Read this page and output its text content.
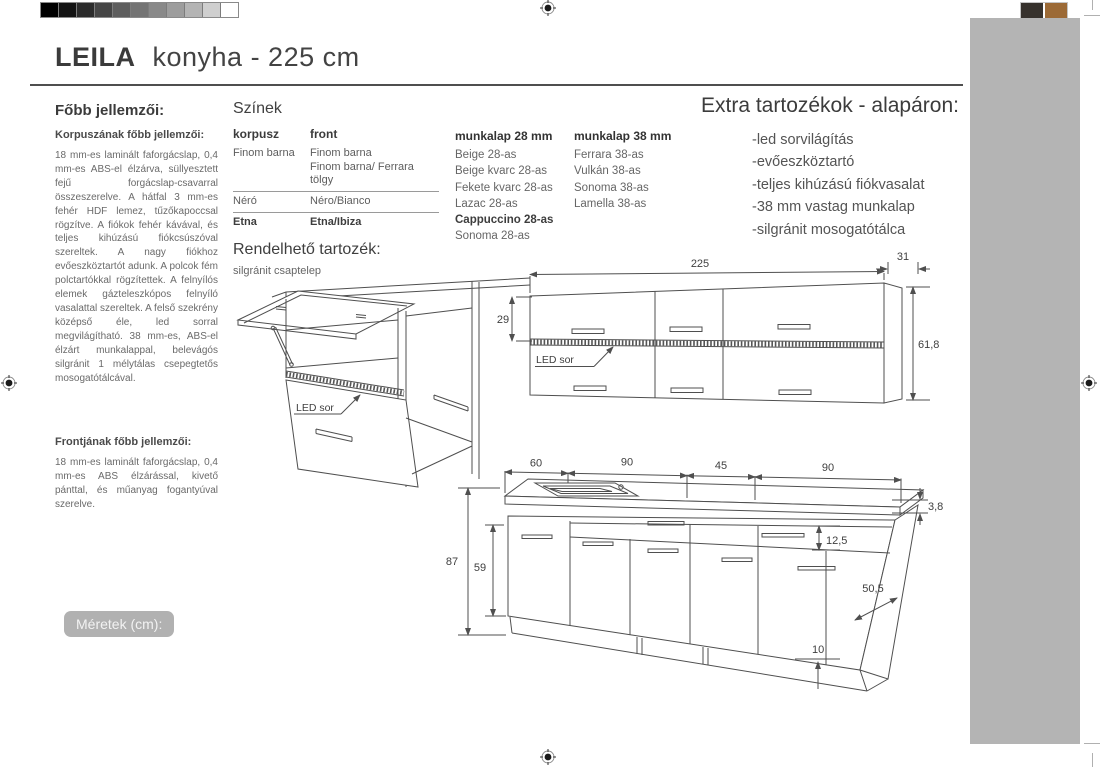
LEILA konyha - 225 cm
Főbb jellemzői:
Korpuszának főbb jellemzői:
18 mm-es laminált faforgácslap, 0,4 mm-es ABS-el élzárva, süllyesztett fejű forgácslap-csavarral összeszerelve. A hátfal 3 mm-es fehér HDF lemez, tűzőkapoccsal rögzítve. A fiókok fehér kávával, és teljes kihúzású fiókcsúszóval szereltek. A nagy fiókhoz evőeszköztartót adunk. A polcok fém polctartókkal rögzítettek. A felnyílós elemek gázteleszkópos felnyíló vasalattal szereltek. A felső szekrény középső éle, led sorral megvilágítható. 38 mm-es, ABS-el élzárt munkalappal, belevágós silgránit 1 mélytálas csepegtetős mosogatótálcával.
Frontjának főbb jellemzői:
18 mm-es laminált faforgácslap, 0,4 mm-es ABS élzárással, kivető pánttal, és műanyag fogantyúval szerelve.
Méretek (cm):
Színek
korpusz	front
Finom barna	Finom barna
Finom barna/ Ferrara tölgy
Néró	Néro/Bianco
Etna	Etna/Ibiza
Rendelhető tartozék:
silgránit csaptelep
munkalap 28 mm
Beige 28-as
Beige kvarc 28-as
Fekete kvarc 28-as
Lazac 28-as
Cappuccino 28-as
Sonoma 28-as
munkalap 38 mm
Ferrara 38-as
Vulkán 38-as
Sonoma 38-as
Lamella 38-as
Extra tartozékok - alapáron:
-led sorvilágítás
-evőeszköztartó
-teljes kihúzású fiókvasalat
-38 mm vastag munkalap
-silgránit mosogatótálca
LED sor
225
31
29
61,8
LED sor
60	90	45	90
87 59
3,8
12,5
50,5
10
